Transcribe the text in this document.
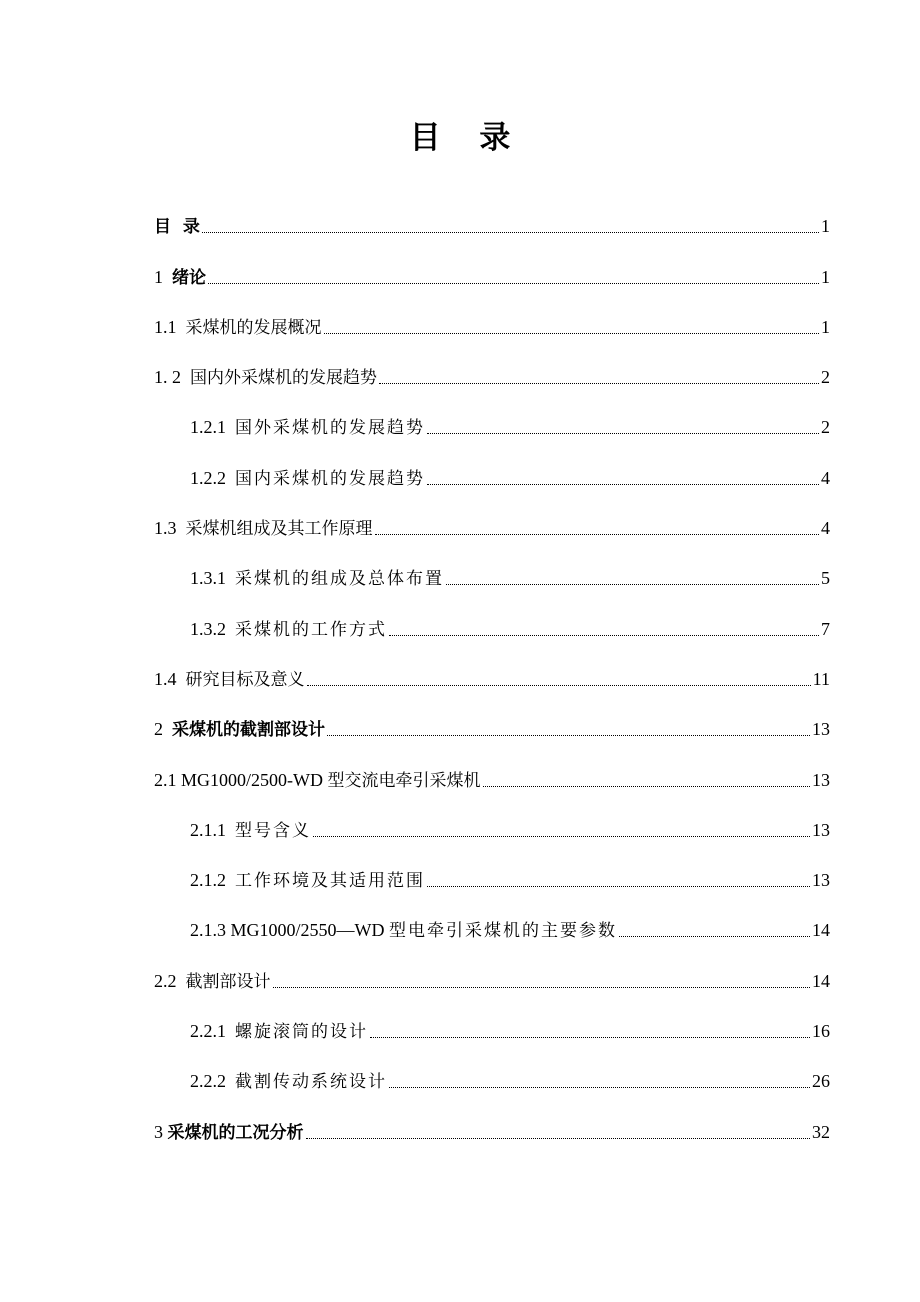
目 录
目  录	1
1 绪论	1
1.1 采煤机的发展概况	1
1. 2 国内外采煤机的发展趋势	2
1.2.1 国外采煤机的发展趋势	2
1.2.2 国内采煤机的发展趋势	4
1.3 采煤机组成及其工作原理	4
1.3.1 采煤机的组成及总体布置	5
1.3.2 采煤机的工作方式	7
1.4 研究目标及意义	11
2 采煤机的截割部设计	13
2.1 MG1000/2500-WD 型交流电牵引采煤机	13
2.1.1 型号含义	13
2.1.2 工作环境及其适用范围	13
2.1.3 MG1000/2550—WD 型电牵引采煤机的主要参数	14
2.2 截割部设计	14
2.2.1 螺旋滚筒的设计	16
2.2.2 截割传动系统设计	26
3 采煤机的工况分析	32
